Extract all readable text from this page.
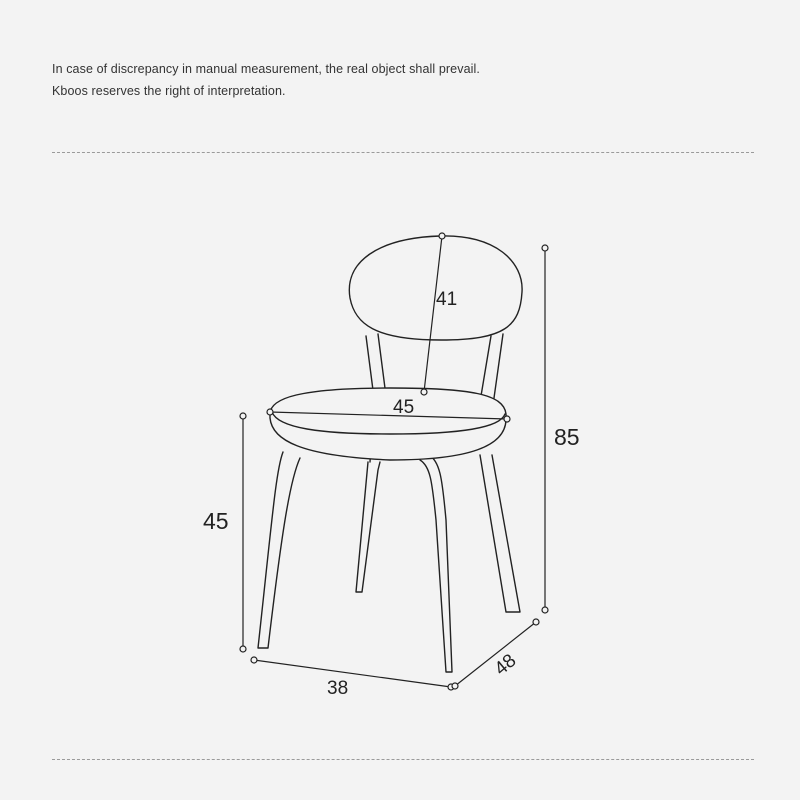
In case of discrepancy in manual measurement, the real object shall prevail.
Kboos reserves the right of interpretation.
41
45
85
45
38
48
